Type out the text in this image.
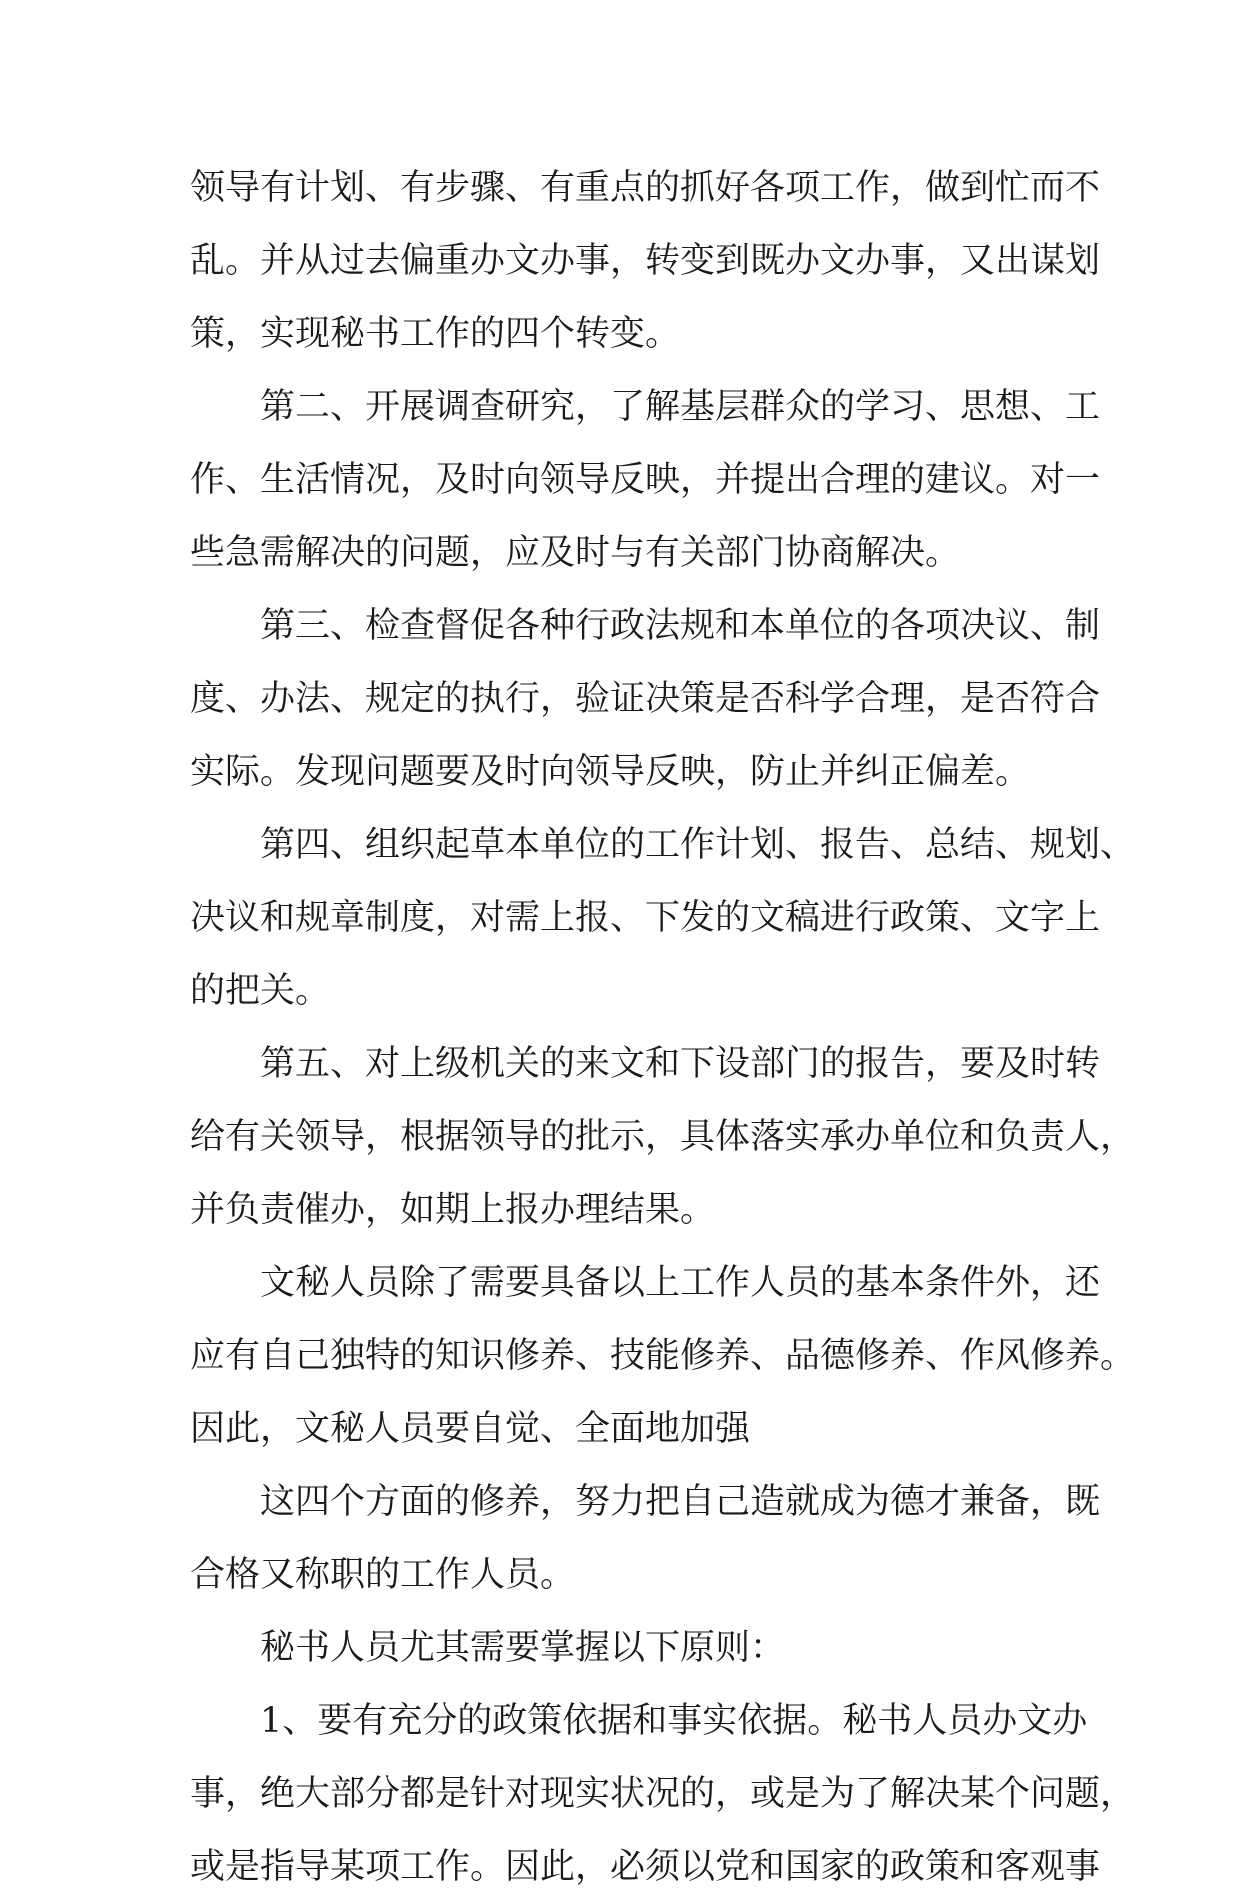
领导有计划、有步骤、有重点的抓好各项工作，做到忙而不
乱。并从过去偏重办文办事，转变到既办文办事，又出谋划
策，实现秘书工作的四个转变。
第二、开展调查研究，了解基层群众的学习、思想、工
作、生活情况，及时向领导反映，并提出合理的建议。对一
些急需解决的问题，应及时与有关部门协商解决。
第三、检查督促各种行政法规和本单位的各项决议、制
度、办法、规定的执行，验证决策是否科学合理，是否符合
实际。发现问题要及时向领导反映，防止并纠正偏差。
第四、组织起草本单位的工作计划、报告、总结、规划、
决议和规章制度，对需上报、下发的文稿进行政策、文字上
的把关。
第五、对上级机关的来文和下设部门的报告，要及时转
给有关领导，根据领导的批示，具体落实承办单位和负责人，
并负责催办，如期上报办理结果。
文秘人员除了需要具备以上工作人员的基本条件外，还
应有自己独特的知识修养、技能修养、品德修养、作风修养。
因此，文秘人员要自觉、全面地加强
这四个方面的修养，努力把自己造就成为德才兼备，既
合格又称职的工作人员。
秘书人员尤其需要掌握以下原则：
1、要有充分的政策依据和事实依据。秘书人员办文办
事，绝大部分都是针对现实状况的，或是为了解决某个问题，
或是指导某项工作。因此，必须以党和国家的政策和客观事
